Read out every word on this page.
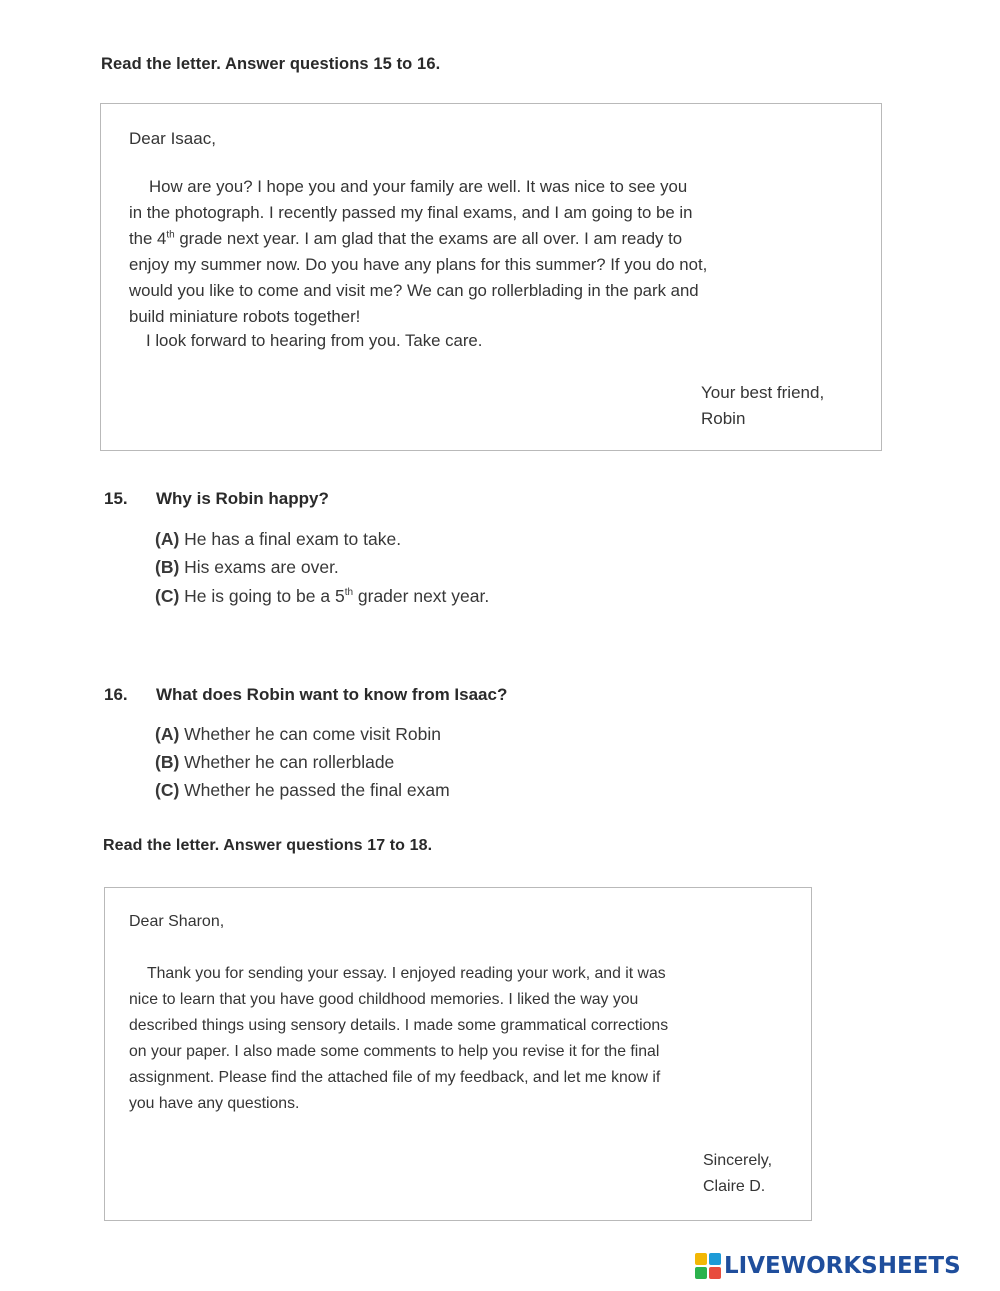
Read the letter. Answer questions 15 to 16.
Dear Isaac,
How are you? I hope you and your family are well. It was nice to see you
in the photograph. I recently passed my final exams, and I am going to be in
the 4th grade next year. I am glad that the exams are all over. I am ready to
enjoy my summer now. Do you have any plans for this summer? If you do not,
would you like to come and visit me? We can go rollerblading in the park and
build miniature robots together!
I look forward to hearing from you. Take care.
Your best friend,
Robin
15. Why is Robin happy?
(A) He has a final exam to take.
(B) His exams are over.
(C) He is going to be a 5th grader next year.
16. What does Robin want to know from Isaac?
(A) Whether he can come visit Robin
(B) Whether he can rollerblade
(C) Whether he passed the final exam
Read the letter. Answer questions 17 to 18.
Dear Sharon,
Thank you for sending your essay. I enjoyed reading your work, and it was
nice to learn that you have good childhood memories. I liked the way you
described things using sensory details. I made some grammatical corrections
on your paper. I also made some comments to help you revise it for the final
assignment. Please find the attached file of my feedback, and let me know if
you have any questions.
Sincerely,
Claire D.
LIVEWORKSHEETS
